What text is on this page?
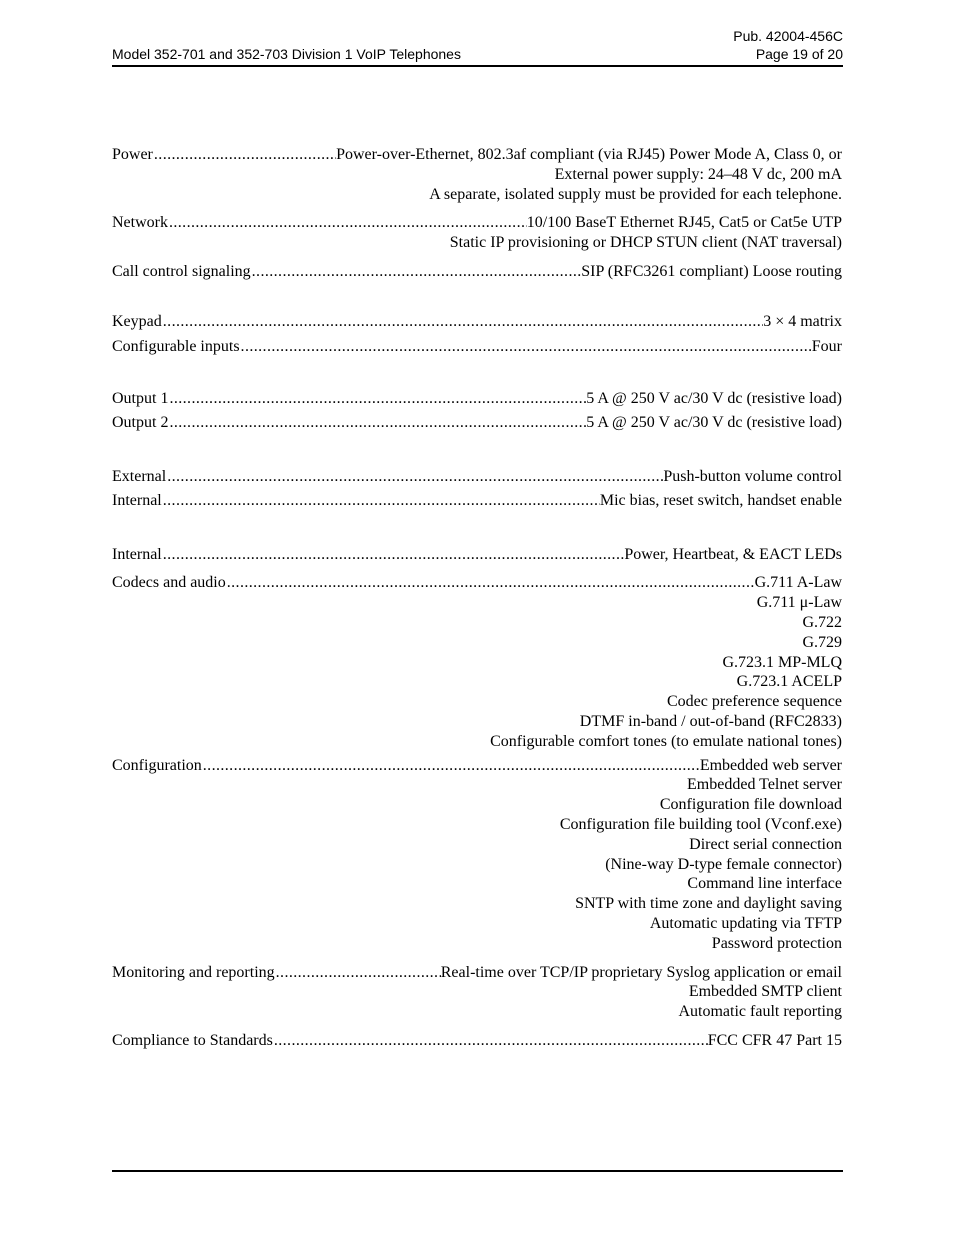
Pub. 42004-456C
Model 352-701 and 352-703 Division 1 VoIP Telephones	Page 19 of 20
Power .....	Power-over-Ethernet, 802.3af compliant (via RJ45) Power Mode A, Class 0, or
External power supply: 24–48 V dc, 200 mA
A separate, isolated supply must be provided for each telephone.
Network .....	10/100 BaseT Ethernet RJ45, Cat5 or Cat5e UTP
Static IP provisioning or DHCP STUN client (NAT traversal)
Call control signaling .....	SIP (RFC3261 compliant) Loose routing
Keypad .....	3 × 4 matrix
Configurable inputs .....	Four
Output 1 .....	5 A @ 250 V ac/30 V dc (resistive load)
Output 2 .....	5 A @ 250 V ac/30 V dc (resistive load)
External .....	Push-button volume control
Internal .....	Mic bias, reset switch, handset enable
Internal .....	Power, Heartbeat, & EACT LEDs
Codecs and audio .....	G.711 A-Law
G.711 μ-Law
G.722
G.729
G.723.1 MP-MLQ
G.723.1 ACELP
Codec preference sequence
DTMF in-band / out-of-band (RFC2833)
Configurable comfort tones (to emulate national tones)
Configuration .....	Embedded web server
Embedded Telnet server
Configuration file download
Configuration file building tool (Vconf.exe)
Direct serial connection
(Nine-way D-type female connector)
Command line interface
SNTP with time zone and daylight saving
Automatic updating via TFTP
Password protection
Monitoring and reporting .....	Real-time over TCP/IP proprietary Syslog application or email
Embedded SMTP client
Automatic fault reporting
Compliance to Standards .....	FCC CFR 47 Part 15
